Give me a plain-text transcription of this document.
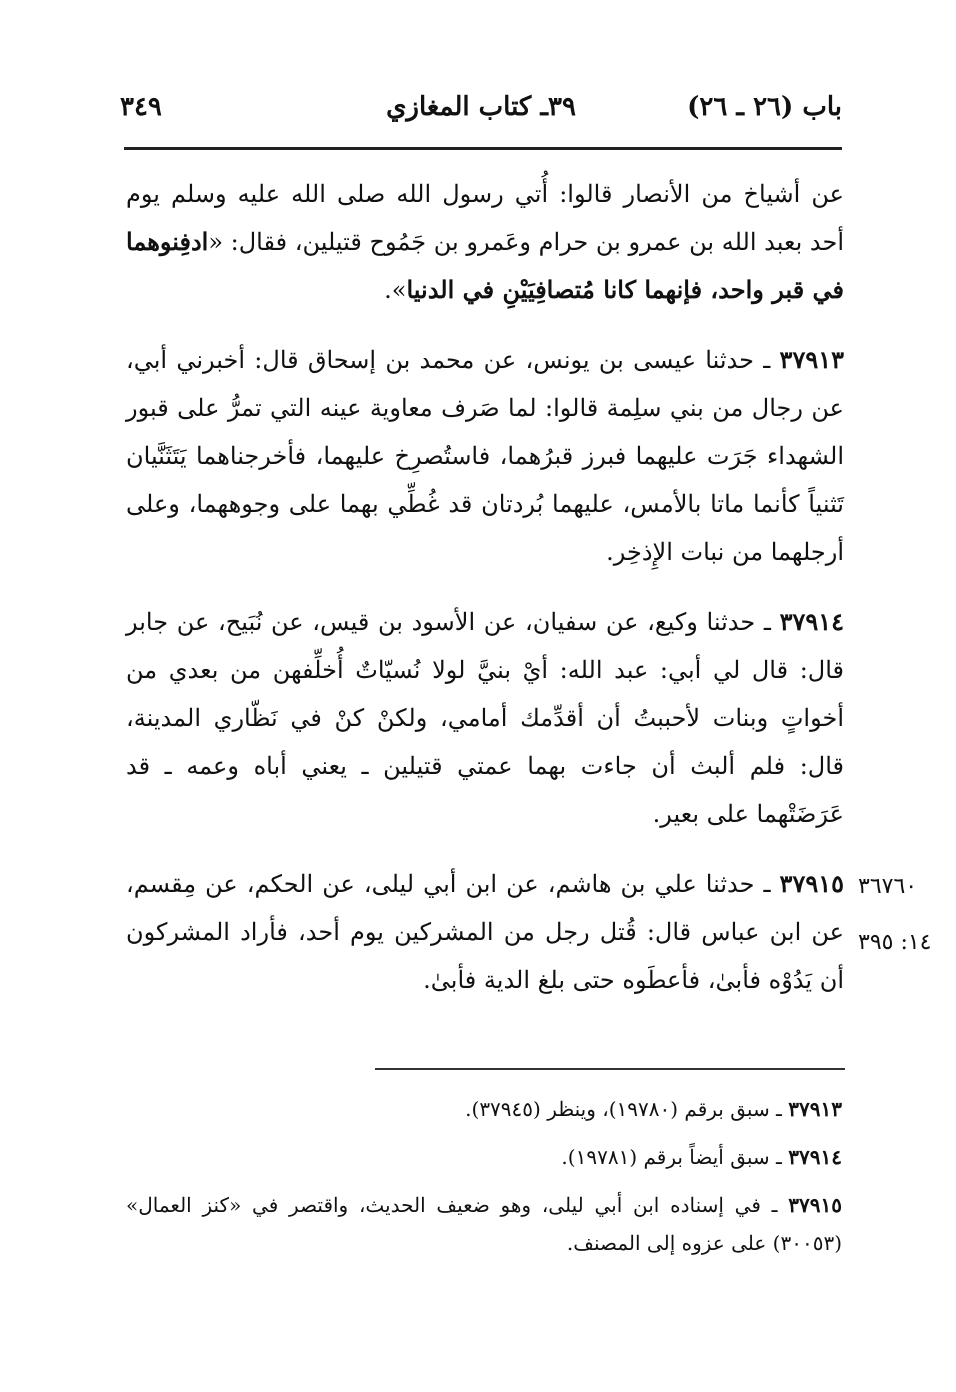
٣٤٩	٣٩ـ كتاب المغازي	باب (٢٦ ـ ٢٦)

عن أشياخ من الأنصار قالوا: أُتي رسول الله صلى الله عليه وسلم يوم أحد بعبد الله بن عمرو بن حرام وعَمرو بن جَمُوح قتيلين، فقال: «ادفِنوهما في قبر واحد، فإنهما كانا مُتصافِيَيْنِ في الدنيا».

٣٧٩١٣ ـ حدثنا عيسى بن يونس، عن محمد بن إسحاق قال: أخبرني أبي، عن رجال من بني سلِمة قالوا: لما صَرف معاوية عينه التي تمرُّ على قبور الشهداء جَرَت عليهما فبرز قبرُهما، فاستُصرِخ عليهما، فأخرجناهما يَتَثَنَّيان تَثنياً كأنما ماتا بالأمس، عليهما بُردتان قد غُطِّي بهما على وجوههما، وعلى أرجلهما من نبات الإِذخِر.

٣٧٩١٤ ـ حدثنا وكيع، عن سفيان، عن الأسود بن قيس، عن نُبَيح، عن جابر قال: قال لي أبي: عبد الله: أيْ بنيَّ لولا نُسيّاتٌ أُخلِّفهن من بعدي من أخواتٍ وبنات لأحببتُ أن أقدِّمك أمامي، ولكنْ كنْ في نَظّاري المدينة، قال: فلم ألبث أن جاءت بهما عمتي قتيلين ـ يعني أباه وعمه ـ قد عَرَضَتْهما على بعير.

٣٧٩١٥ ـ حدثنا علي بن هاشم، عن ابن أبي ليلى، عن الحكم، عن مِقسم، عن ابن عباس قال: قُتل رجل من المشركين يوم أحد، فأراد المشركون أن يَدُوْه فأبىٰ، فأعطَوه حتى بلغ الدية فأبىٰ.

٣٦٧٦٠
١٤: ٣٩٥

٣٧٩١٣ ـ سبق برقم (١٩٧٨٠)، وينظر (٣٧٩٤٥).

٣٧٩١٤ ـ سبق أيضاً برقم (١٩٧٨١).

٣٧٩١٥ ـ في إسناده ابن أبي ليلى، وهو ضعيف الحديث، واقتصر في «كنز العمال» (٣٠٠٥٣) على عزوه إلى المصنف.
